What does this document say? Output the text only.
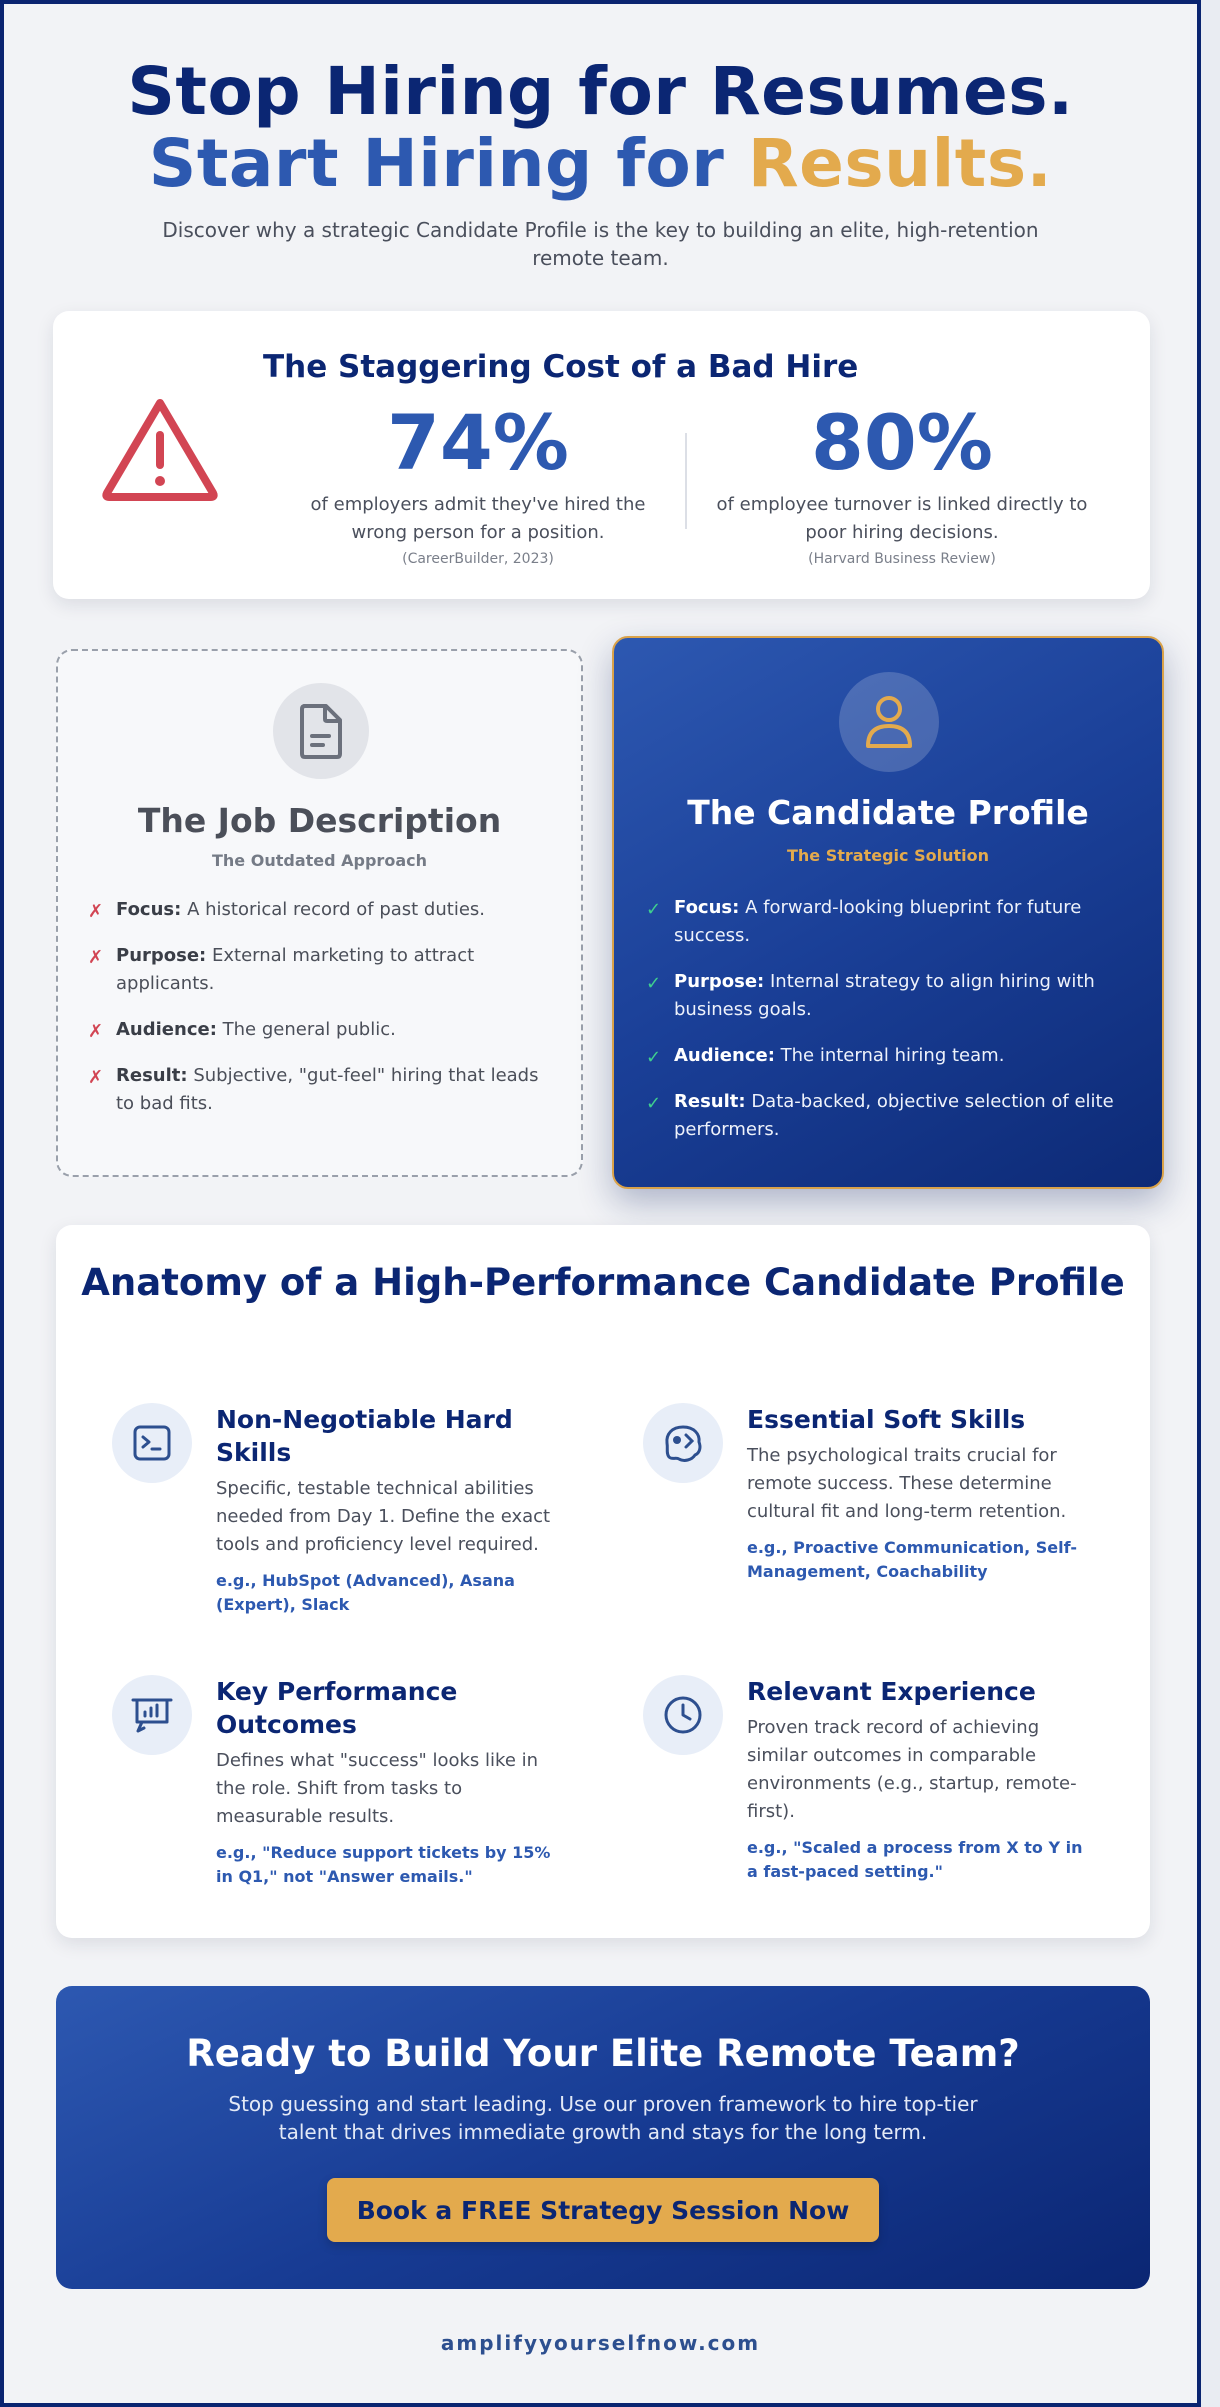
Stop Hiring for Resumes.
Start Hiring for Results.
Discover why a strategic Candidate Profile is the key to building an elite, high-retention remote team.
The Staggering Cost of a Bad Hire
74%
of employers admit they've hired the wrong person for a position.
(CareerBuilder, 2023)
80%
of employee turnover is linked directly to poor hiring decisions.
(Harvard Business Review)
The Job Description
The Outdated Approach
✗ Focus: A historical record of past duties.
✗ Purpose: External marketing to attract applicants.
✗ Audience: The general public.
✗ Result: Subjective, "gut-feel" hiring that leads to bad fits.
The Candidate Profile
The Strategic Solution
✓ Focus: A forward-looking blueprint for future success.
✓ Purpose: Internal strategy to align hiring with business goals.
✓ Audience: The internal hiring team.
✓ Result: Data-backed, objective selection of elite performers.
Anatomy of a High-Performance Candidate Profile
Non-Negotiable Hard Skills

Specific, testable technical abilities needed from Day 1. Define the exact tools and proficiency level required.

e.g., HubSpot (Advanced), Asana (Expert), Slack
Essential Soft Skills

The psychological traits crucial for remote success. These determine cultural fit and long-term retention.

e.g., Proactive Communication, Self-Management, Coachability
Key Performance Outcomes

Defines what "success" looks like in the role. Shift from tasks to measurable results.

e.g., "Reduce support tickets by 15% in Q1," not "Answer emails."
Relevant Experience

Proven track record of achieving similar outcomes in comparable environments (e.g., startup, remote-first).

e.g., "Scaled a process from X to Y in a fast-paced setting."
Ready to Build Your Elite Remote Team?
Stop guessing and start leading. Use our proven framework to hire top-tier talent that drives immediate growth and stays for the long term.
Book a FREE Strategy Session Now
amplifyyourselfnow.com
